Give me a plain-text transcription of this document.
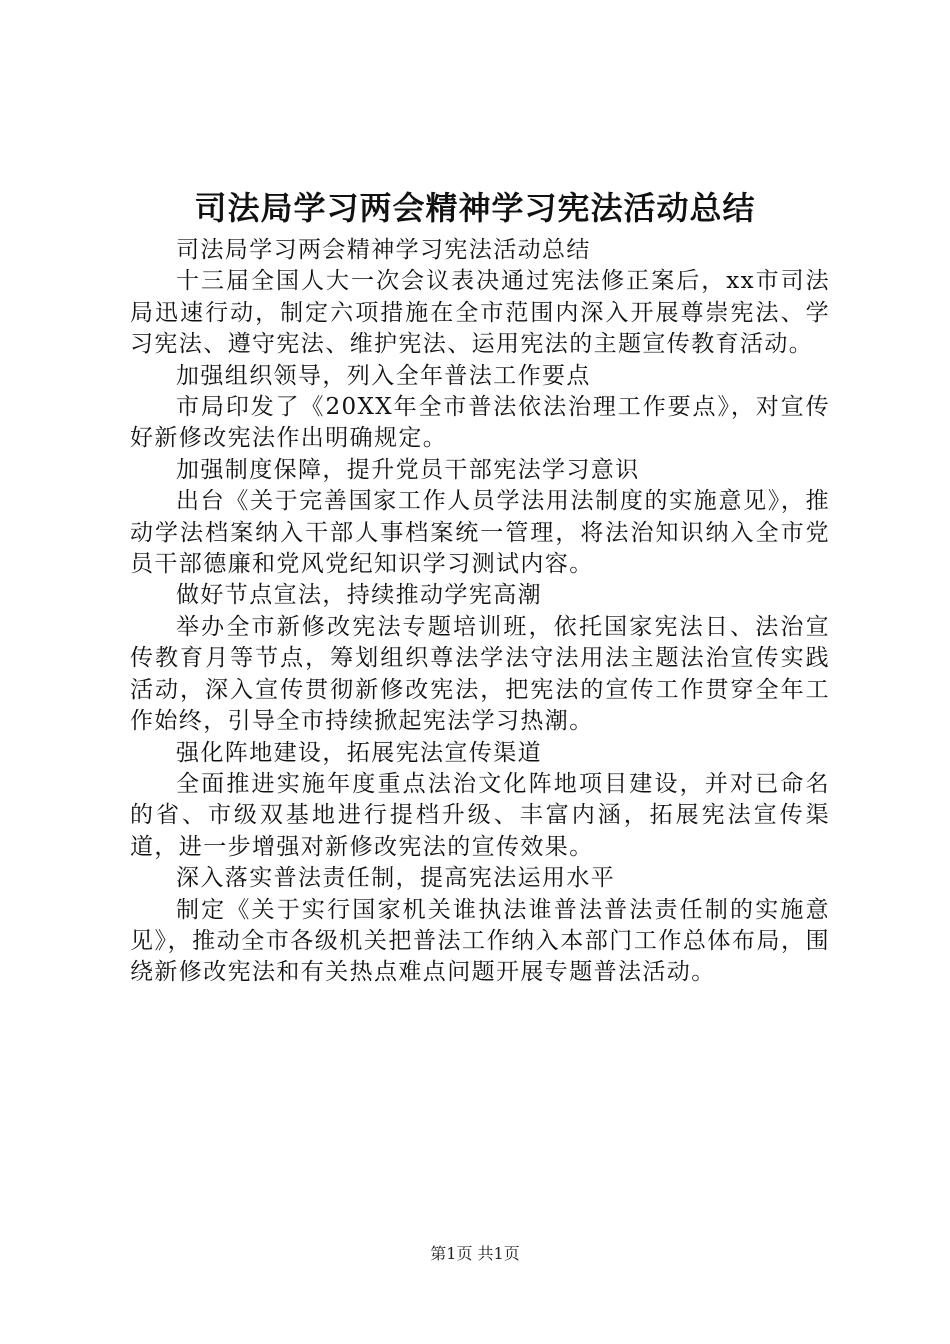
司法局学习两会精神学习宪法活动总结

司法局学习两会精神学习宪法活动总结

十三届全国人大一次会议表决通过宪法修正案后，xx市司法局迅速行动，制定六项措施在全市范围内深入开展尊崇宪法、学习宪法、遵守宪法、维护宪法、运用宪法的主题宣传教育活动。

加强组织领导，列入全年普法工作要点

市局印发了《20XX年全市普法依法治理工作要点》，对宣传好新修改宪法作出明确规定。

加强制度保障，提升党员干部宪法学习意识

出台《关于完善国家工作人员学法用法制度的实施意见》，推动学法档案纳入干部人事档案统一管理，将法治知识纳入全市党员干部德廉和党风党纪知识学习测试内容。

做好节点宣法，持续推动学宪高潮

举办全市新修改宪法专题培训班，依托国家宪法日、法治宣传教育月等节点，筹划组织尊法学法守法用法主题法治宣传实践活动，深入宣传贯彻新修改宪法，把宪法的宣传工作贯穿全年工作始终，引导全市持续掀起宪法学习热潮。

强化阵地建设，拓展宪法宣传渠道

全面推进实施年度重点法治文化阵地项目建设，并对已命名的省、市级双基地进行提档升级、丰富内涵，拓展宪法宣传渠道，进一步增强对新修改宪法的宣传效果。

深入落实普法责任制，提高宪法运用水平

制定《关于实行国家机关谁执法谁普法普法责任制的实施意见》，推动全市各级机关把普法工作纳入本部门工作总体布局，围绕新修改宪法和有关热点难点问题开展专题普法活动。

第1页 共1页
